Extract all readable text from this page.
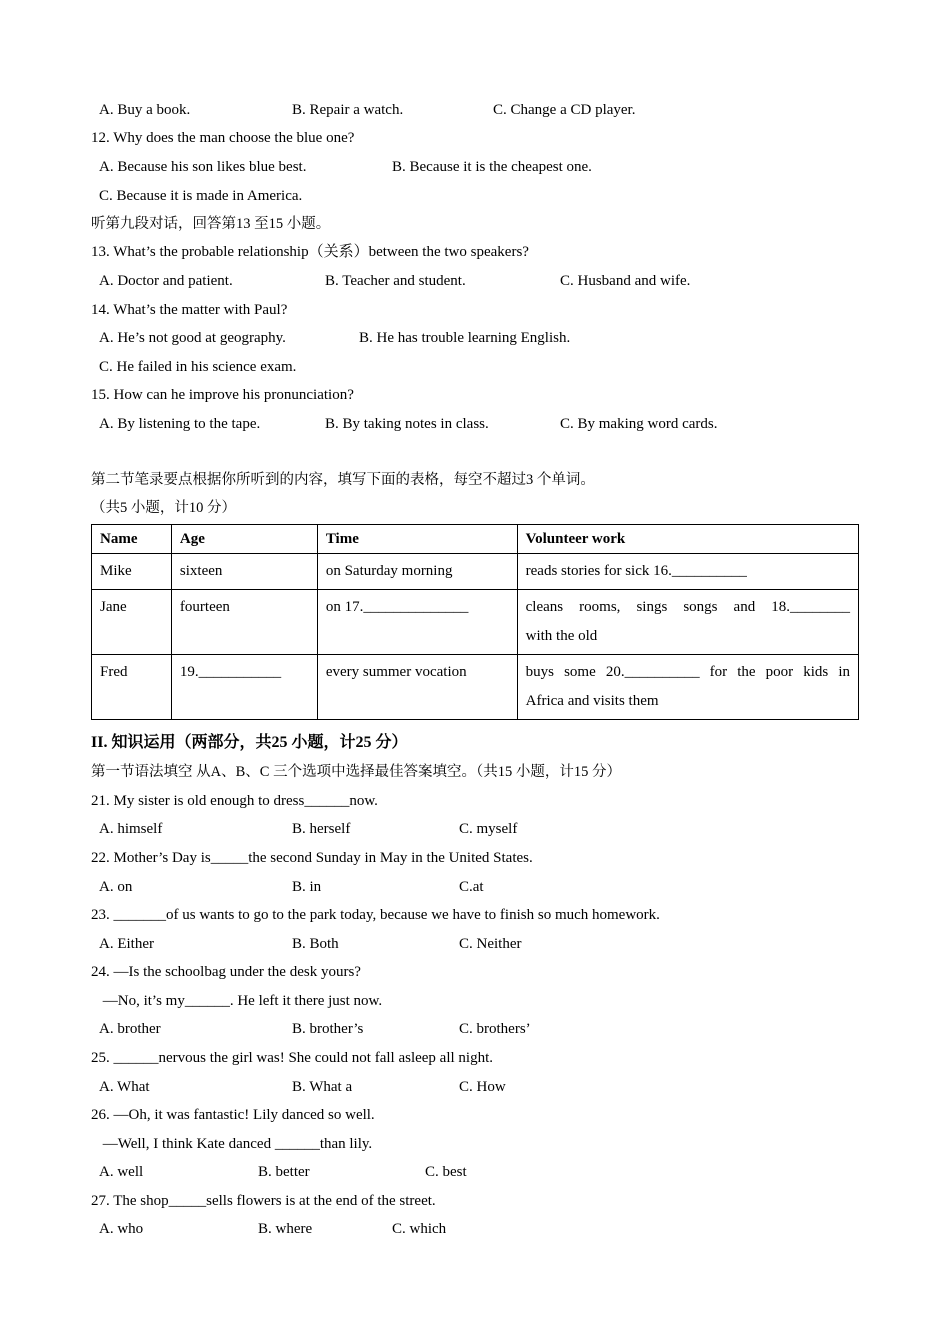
A. Buy a book.	B. Repair a watch.	C. Change a CD player.
12. Why does the man choose the blue one?
A. Because his son likes blue best.	B. Because it is the cheapest one.
C. Because it is made in America.
听第九段对话，回答第13 至15 小题。
13. What’s the probable relationship（关系）between the two speakers?
A. Doctor and patient.	B. Teacher and student.	C. Husband and wife.
14. What’s the matter with Paul?
A. He’s not good at geography.	B. He has trouble learning English.
C. He failed in his science exam.
15. How can he improve his pronunciation?
A. By listening to the tape.	B. By taking notes in class.	C. By making word cards.
第二节笔录要点根据你所听到的内容，填写下面的表格，每空不超过3 个单词。
（共5 小题，计10 分）
Name	Age	Time	Volunteer work
Mike	sixteen	on Saturday morning	reads stories for sick 16.__________
Jane	fourteen	on 17.______________	cleans rooms, sings songs and 18.________
with the old

Fred	19.___________	every summer vocation	buys some 20.__________ for the poor kids in
Africa and visits them
II. 知识运用（两部分，共25 小题，计25 分）
第一节语法填空 从A、B、C 三个选项中选择最佳答案填空。（共15 小题，计15 分）
21. My sister is old enough to dress______now.
A. himself	B. herself	C. myself
22. Mother’s Day is_____the second Sunday in May in the United States.
A. on	B. in	C.at
23. _______of us wants to go to the park today, because we have to finish so much homework.
A. Either	B. Both	C. Neither
24. —Is the schoolbag under the desk yours?
—No, it’s my______. He left it there just now.
A. brother	B. brother’s	C. brothers’
25. ______nervous the girl was! She could not fall asleep all night.
A. What	B. What a	C. How
26. —Oh, it was fantastic! Lily danced so well.
—Well, I think Kate danced ______than lily.
A. well	B. better	C. best
27. The shop_____sells flowers is at the end of the street.
A. who	B. where	C. which
